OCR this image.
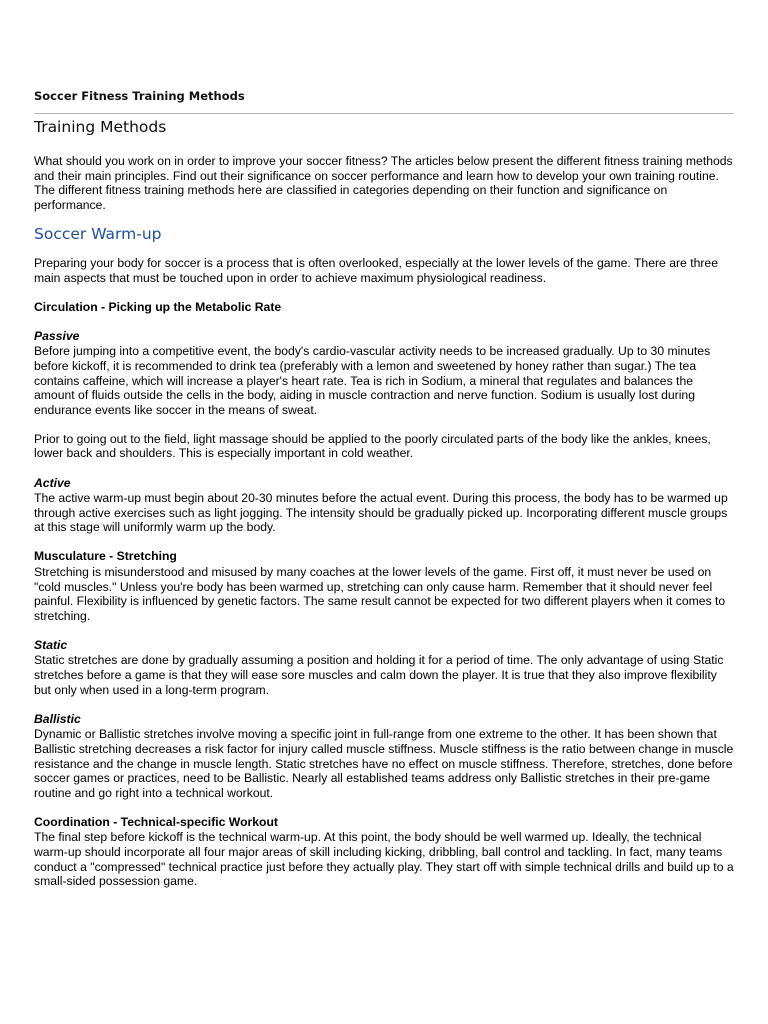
Soccer Fitness Training Methods
Training Methods

What should you work on in order to improve your soccer fitness? The articles below present the different fitness training methods and their main principles. Find out their significance on soccer performance and learn how to develop your own training routine. The different fitness training methods here are classified in categories depending on their function and significance on performance.

Soccer Warm-up

Preparing your body for soccer is a process that is often overlooked, especially at the lower levels of the game. There are three main aspects that must be touched upon in order to achieve maximum physiological readiness.

Circulation - Picking up the Metabolic Rate
Passive
Before jumping into a competitive event, the body's cardio-vascular activity needs to be increased gradually. Up to 30 minutes before kickoff, it is recommended to drink tea (preferably with a lemon and sweetened by honey rather than sugar.) The tea contains caffeine, which will increase a player's heart rate. Tea is rich in Sodium, a mineral that regulates and balances the amount of fluids outside the cells in the body, aiding in muscle contraction and nerve function. Sodium is usually lost during endurance events like soccer in the means of sweat.

Prior to going out to the field, light massage should be applied to the poorly circulated parts of the body like the ankles, knees, lower back and shoulders. This is especially important in cold weather.

Active
The active warm-up must begin about 20-30 minutes before the actual event. During this process, the body has to be warmed up through active exercises such as light jogging. The intensity should be gradually picked up. Incorporating different muscle groups at this stage will uniformly warm up the body.
Musculature - Stretching
Stretching is misunderstood and misused by many coaches at the lower levels of the game. First off, it must never be used on "cold muscles." Unless you're body has been warmed up, stretching can only cause harm. Remember that it should never feel painful. Flexibility is influenced by genetic factors. The same result cannot be expected for two different players when it comes to stretching.
Static
Static stretches are done by gradually assuming a position and holding it for a period of time. The only advantage of using Static stretches before a game is that they will ease sore muscles and calm down the player. It is true that they also improve flexibility but only when used in a long-term program.
Ballistic
Dynamic or Ballistic stretches involve moving a specific joint in full-range from one extreme to the other. It has been shown that Ballistic stretching decreases a risk factor for injury called muscle stiffness. Muscle stiffness is the ratio between change in muscle resistance and the change in muscle length. Static stretches have no effect on muscle stiffness. Therefore, stretches, done before soccer games or practices, need to be Ballistic. Nearly all established teams address only Ballistic stretches in their pre-game routine and go right into a technical workout.
Coordination - Technical-specific Workout
The final step before kickoff is the technical warm-up. At this point, the body should be well warmed up. Ideally, the technical warm-up should incorporate all four major areas of skill including kicking, dribbling, ball control and tackling. In fact, many teams conduct a "compressed" technical practice just before they actually play. They start off with simple technical drills and build up to a small-sided possession game.
